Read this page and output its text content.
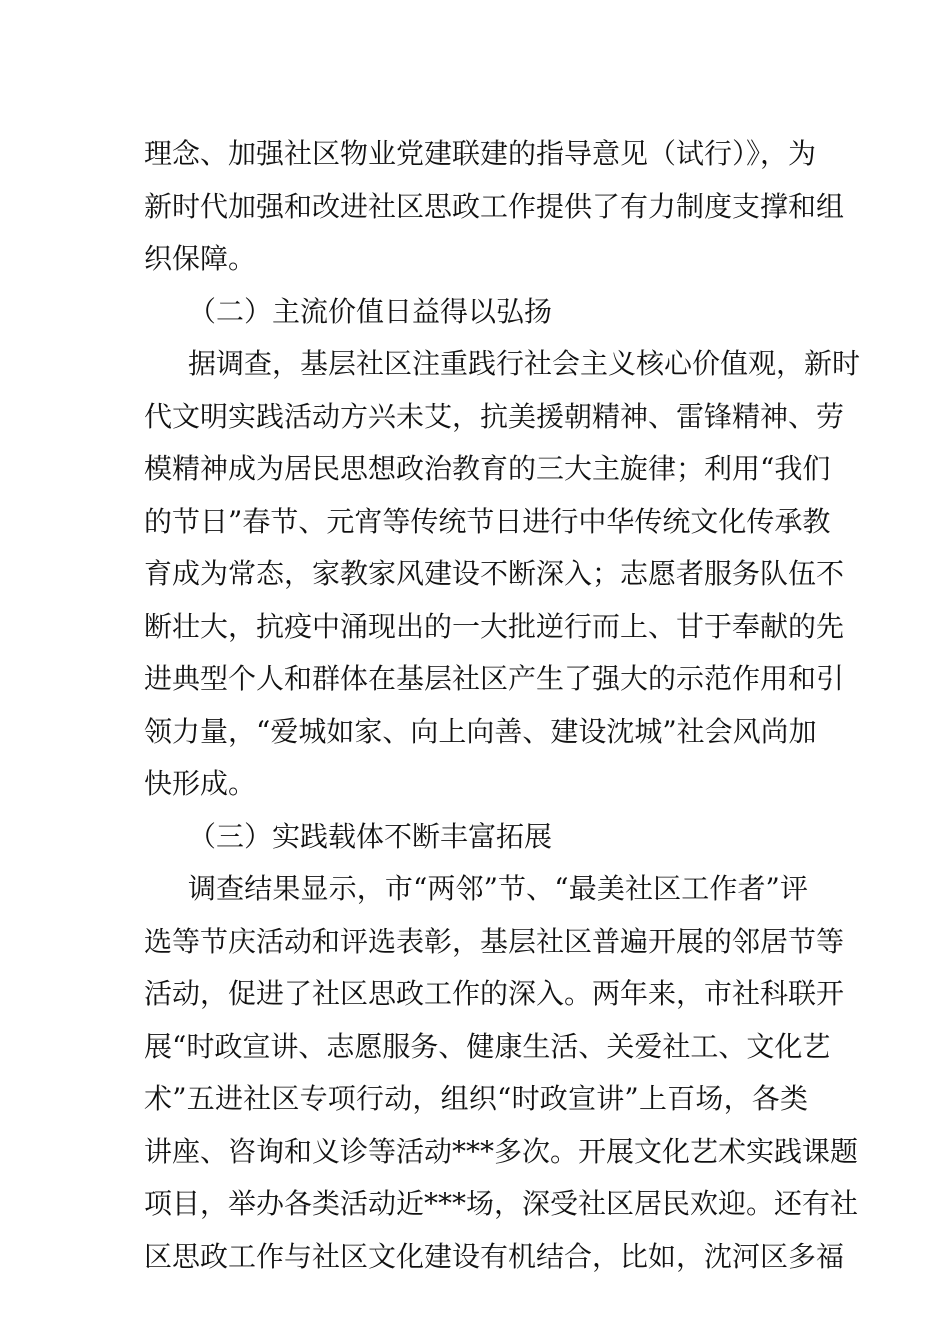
理念、加强社区物业党建联建的指导意见（试行）》，为
新时代加强和改进社区思政工作提供了有力制度支撑和组
织保障。
（二）主流价值日益得以弘扬
据调查，基层社区注重践行社会主义核心价值观，新时
代文明实践活动方兴未艾，抗美援朝精神、雷锋精神、劳
模精神成为居民思想政治教育的三大主旋律；利用“我们
的节日”春节、元宵等传统节日进行中华传统文化传承教
育成为常态，家教家风建设不断深入；志愿者服务队伍不
断壮大，抗疫中涌现出的一大批逆行而上、甘于奉献的先
进典型个人和群体在基层社区产生了强大的示范作用和引
领力量，“爱城如家、向上向善、建设沈城”社会风尚加
快形成。
（三）实践载体不断丰富拓展
调查结果显示，市“两邻”节、“最美社区工作者”评
选等节庆活动和评选表彰，基层社区普遍开展的邻居节等
活动，促进了社区思政工作的深入。两年来，市社科联开
展“时政宣讲、志愿服务、健康生活、关爱社工、文化艺
术”五进社区专项行动，组织“时政宣讲”上百场，各类
讲座、咨询和义诊等活动***多次。开展文化艺术实践课题
项目，举办各类活动近***场，深受社区居民欢迎。还有社
区思政工作与社区文化建设有机结合，比如，沈河区多福
